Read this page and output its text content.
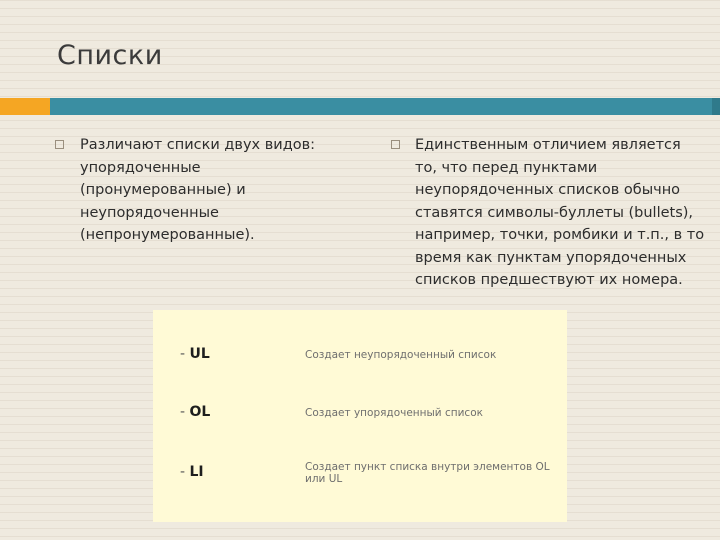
Списки
Различают списки двух видов: упорядоченные (пронумерованные) и неупорядоченные (непронумерованные).
Единственным отличием является то, что перед пунктами неупорядоченных списков обычно ставятся символы-буллеты (bullets), например, точки, ромбики и т.п., в то время как пунктам упорядоченных списков предшествуют их номера.
- UL	Создает неупорядоченный список
- OL	Создает упорядоченный список
- LI	Создает пункт списка внутри элементов OL или UL
